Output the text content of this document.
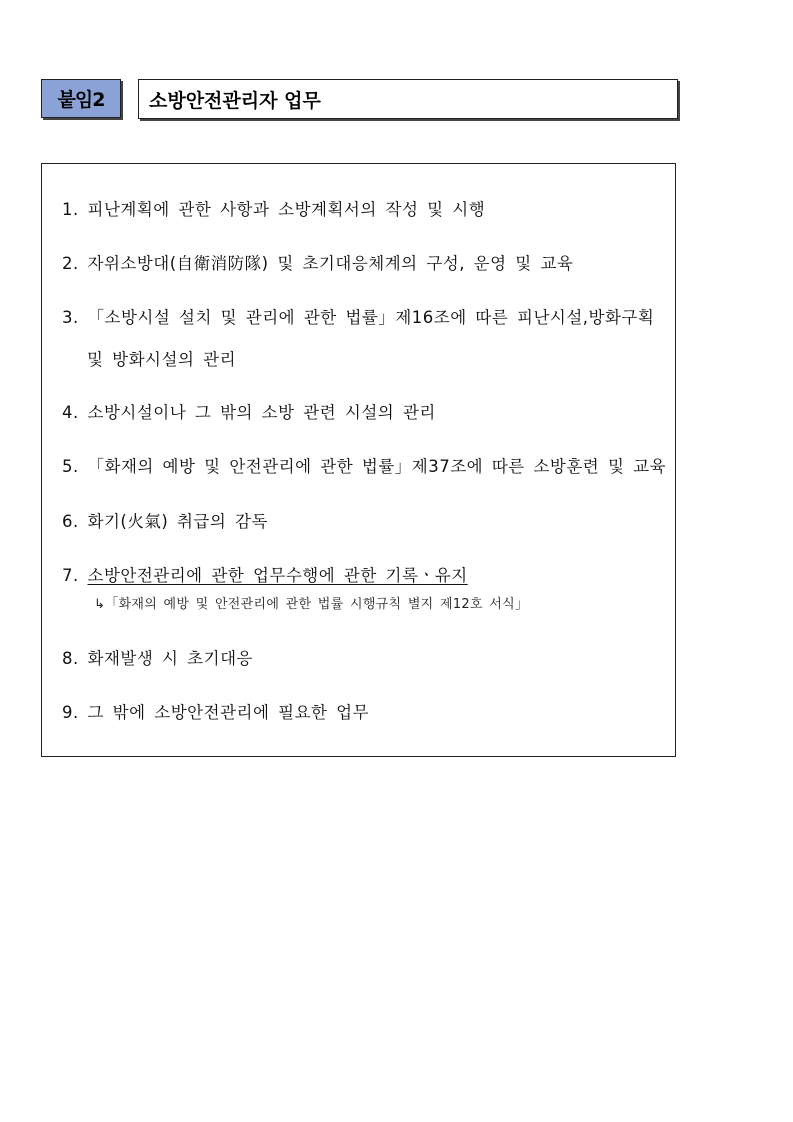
붙임2	소방안전관리자 업무
1. 피난계획에 관한 사항과 소방계획서의 작성 및 시행
2. 자위소방대(自衛消防隊) 및 초기대응체계의 구성, 운영 및 교육
3. 「소방시설 설치 및 관리에 관한 법률」제16조에 따른 피난시설,방화구획
및 방화시설의 관리
4. 소방시설이나 그 밖의 소방 관련 시설의 관리
5. 「화재의 예방 및 안전관리에 관한 법률」제37조에 따른 소방훈련 및 교육
6. 화기(火氣) 취급의 감독
7. 소방안전관리에 관한 업무수행에 관한 기록ㆍ유지
↳「화재의 예방 및 안전관리에 관한 법률 시행규칙 별지 제12호 서식」
8. 화재발생 시 초기대응
9. 그 밖에 소방안전관리에 필요한 업무
